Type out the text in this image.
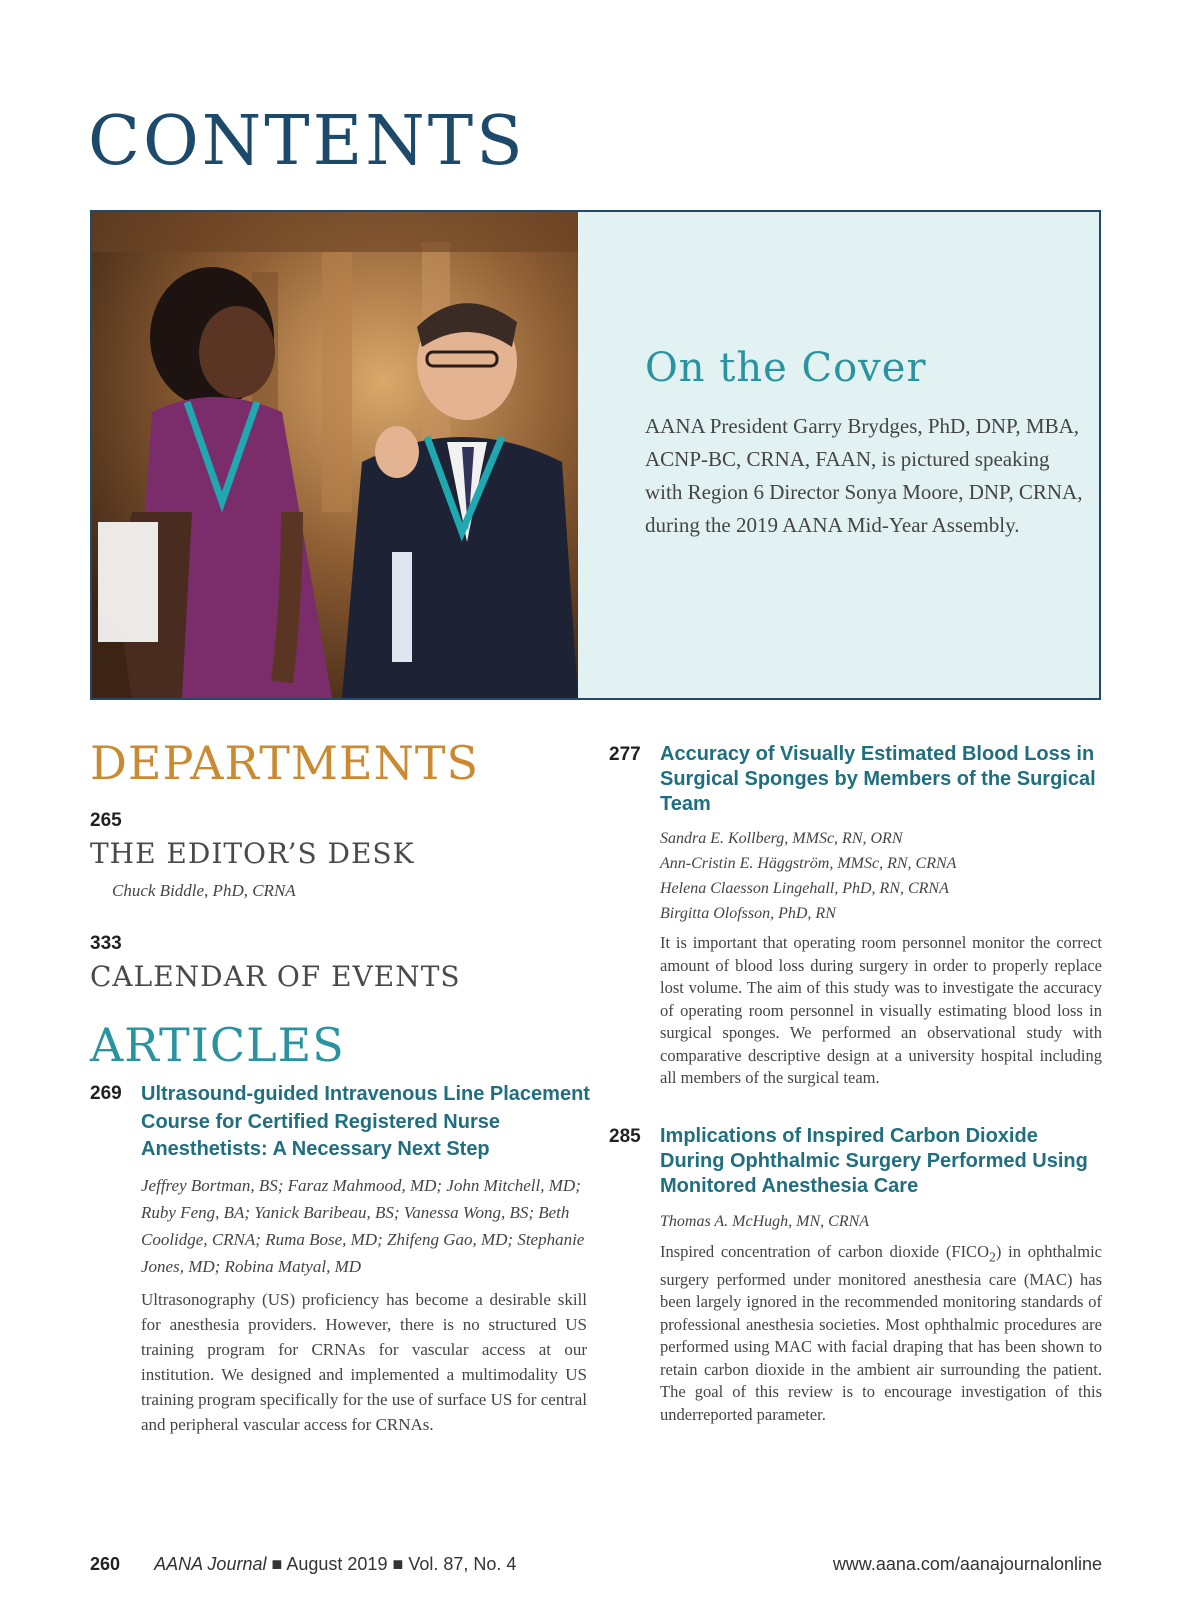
CONTENTS
On the Cover
AANA President Garry Brydges, PhD, DNP, MBA, ACNP-BC, CRNA, FAAN, is pictured speaking with Region 6 Director Sonya Moore, DNP, CRNA, during the 2019 AANA Mid-Year Assembly.
DEPARTMENTS
265
THE EDITOR’S DESK
Chuck Biddle, PhD, CRNA
333
CALENDAR OF EVENTS
ARTICLES
269 Ultrasound-guided Intravenous Line Placement Course for Certified Registered Nurse Anesthetists: A Necessary Next Step
Jeffrey Bortman, BS; Faraz Mahmood, MD; John Mitchell, MD; Ruby Feng, BA; Yanick Baribeau, BS; Vanessa Wong, BS; Beth Coolidge, CRNA; Ruma Bose, MD; Zhifeng Gao, MD; Stephanie Jones, MD; Robina Matyal, MD
Ultrasonography (US) proficiency has become a desirable skill for anesthesia providers. However, there is no structured US training program for CRNAs for vascular access at our institution. We designed and implemented a multimodality US training program specifically for the use of surface US for central and peripheral vascular access for CRNAs.
277 Accuracy of Visually Estimated Blood Loss in Surgical Sponges by Members of the Surgical Team
Sandra E. Kollberg, MMSc, RN, ORN
Ann-Cristin E. Häggström, MMSc, RN, CRNA
Helena Claesson Lingehall, PhD, RN, CRNA
Birgitta Olofsson, PhD, RN
It is important that operating room personnel monitor the correct amount of blood loss during surgery in order to properly replace lost volume. The aim of this study was to investigate the accuracy of operating room personnel in visually estimating blood loss in surgical sponges. We performed an observational study with comparative descriptive design at a university hospital including all members of the surgical team.
285 Implications of Inspired Carbon Dioxide During Ophthalmic Surgery Performed Using Monitored Anesthesia Care
Thomas A. McHugh, MN, CRNA
Inspired concentration of carbon dioxide $(FICO_2)$ in ophthalmic surgery performed under monitored anesthesia care (MAC) has been largely ignored in the recommended monitoring standards of professional anesthesia societies. Most ophthalmic procedures are performed using MAC with facial draping that has been shown to retain carbon dioxide in the ambient air surrounding the patient. The goal of this review is to encourage investigation of this underreported parameter.
260 AANA Journal ■ August 2019 ■ Vol. 87, No. 4	www.aana.com/aanajournalonline
